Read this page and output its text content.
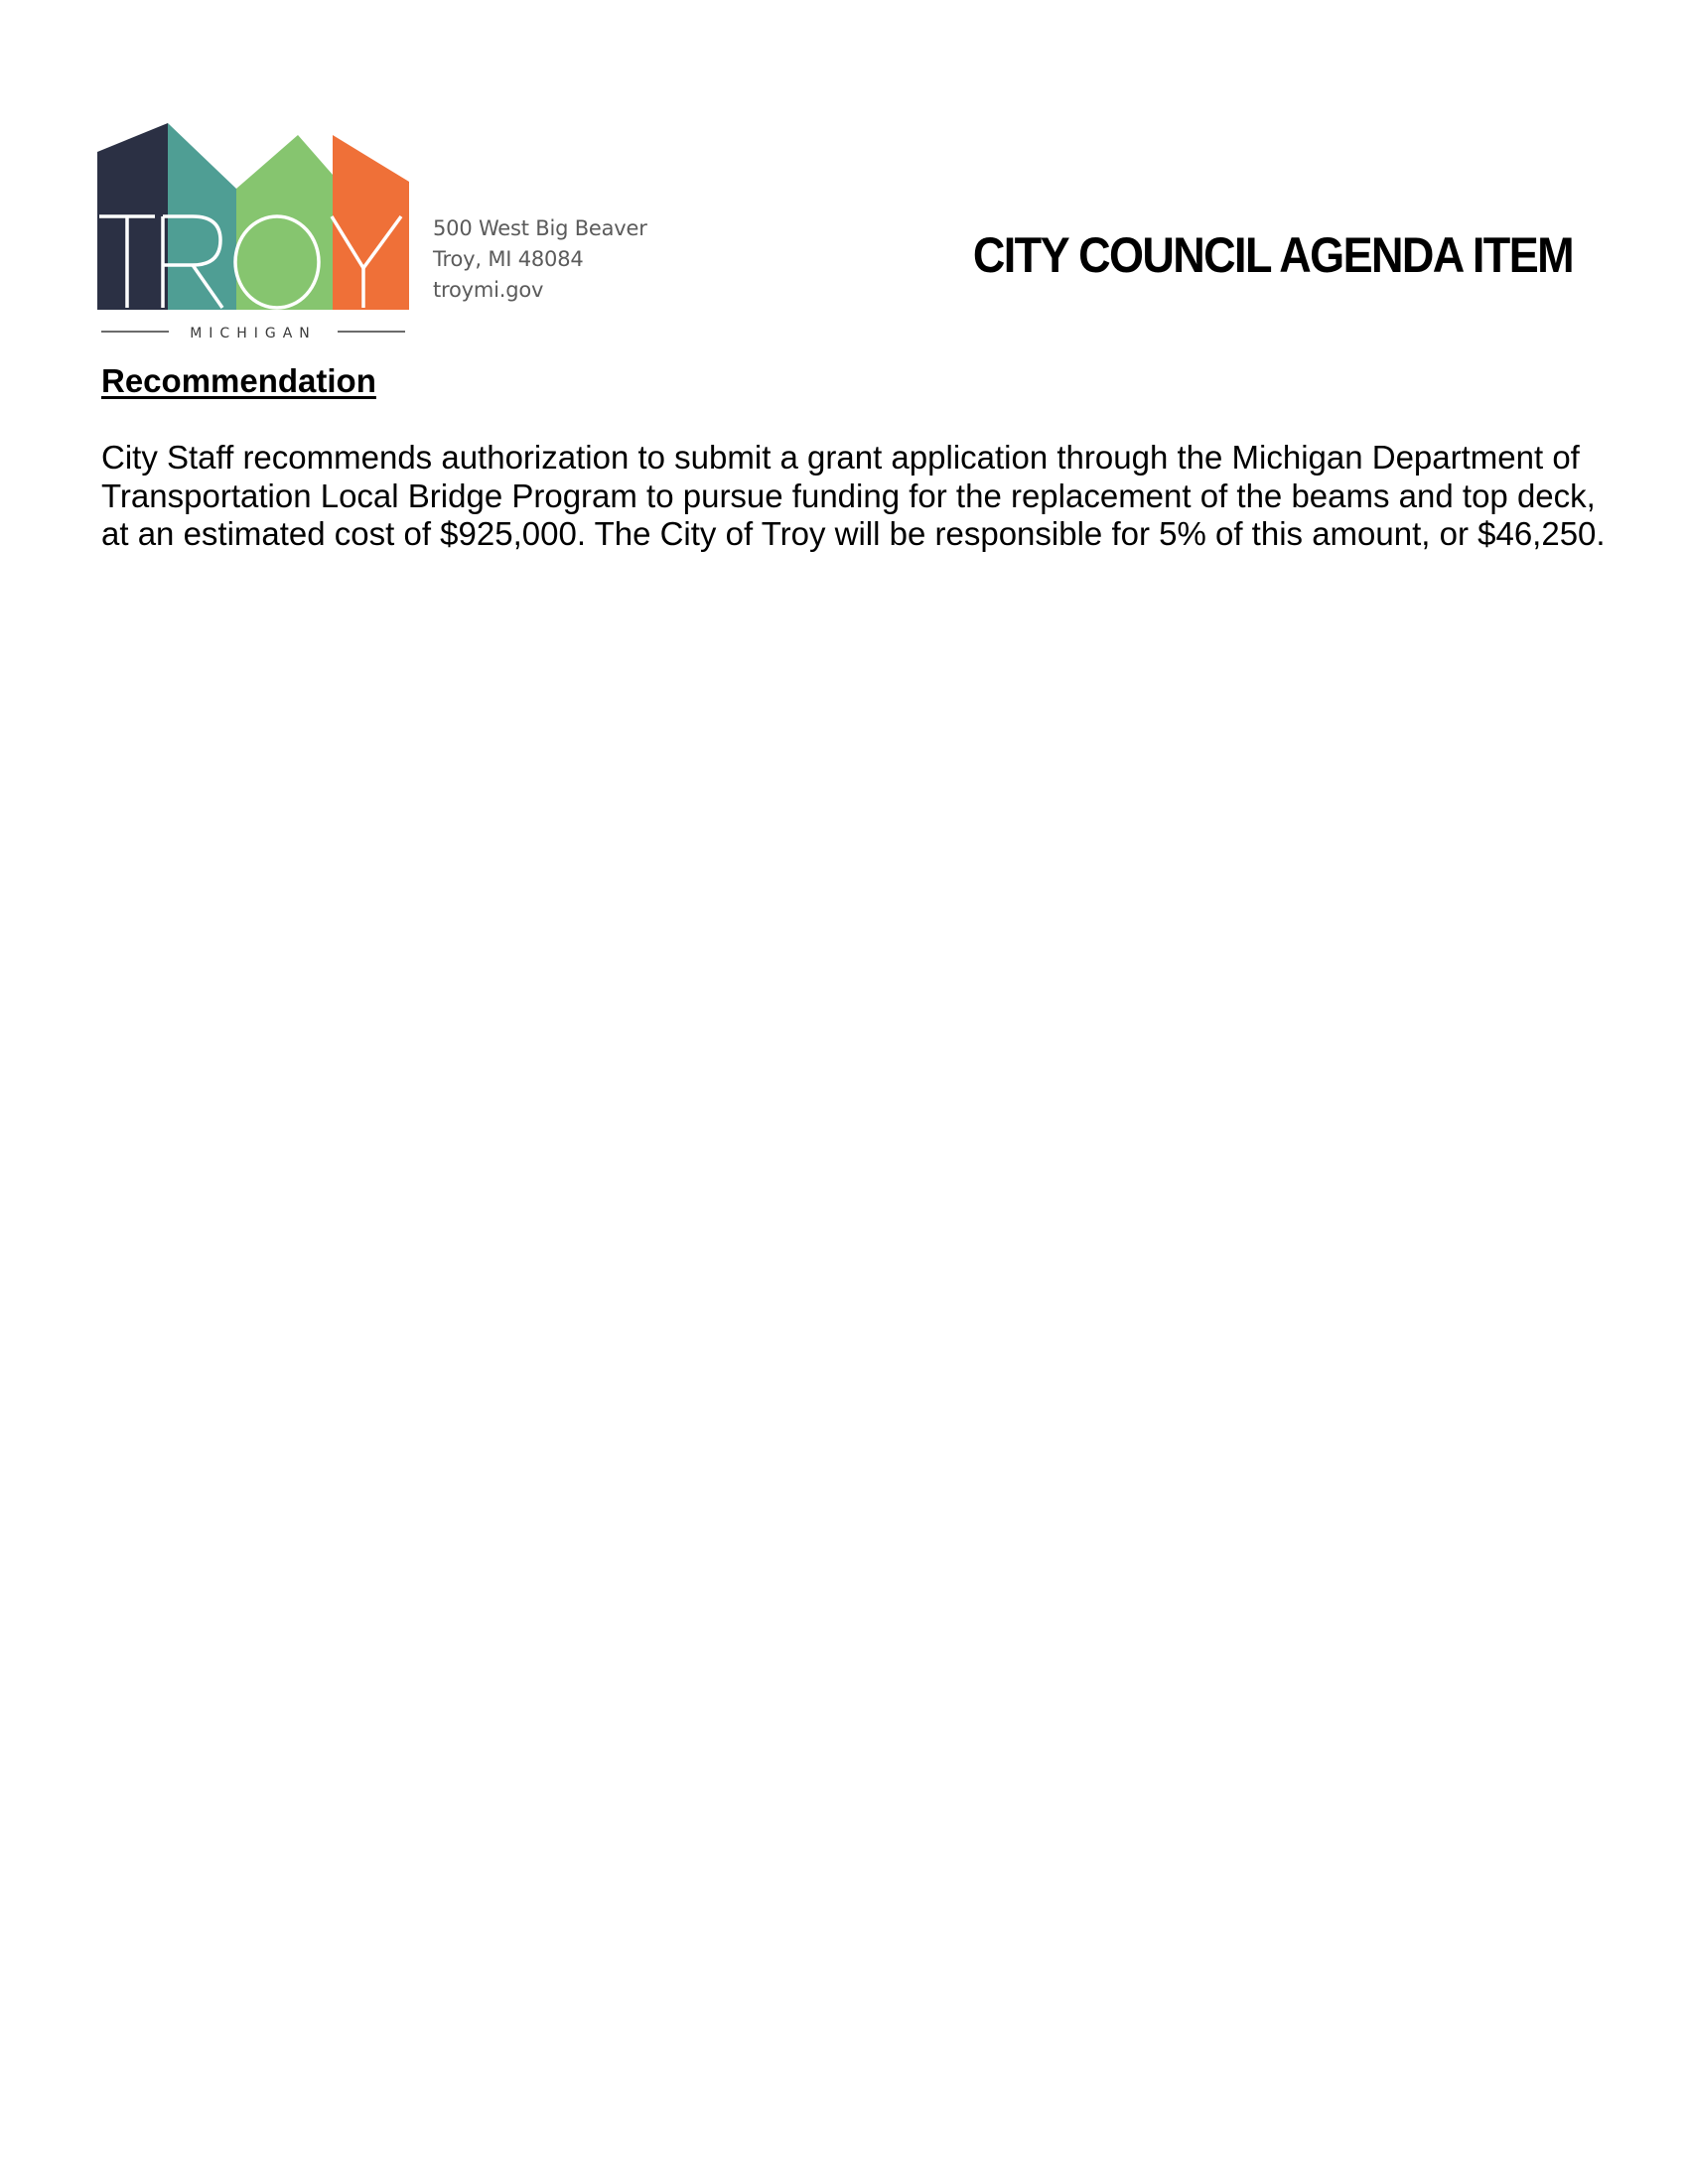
MICHIGAN
500 West Big Beaver
Troy, MI 48084
troymi.gov
CITY COUNCIL AGENDA ITEM
Recommendation

City Staff recommends authorization to submit a grant application through the Michigan Department of Transportation Local Bridge Program to pursue funding for the replacement of the beams and top deck, at an estimated cost of $925,000. The City of Troy will be responsible for 5% of this amount, or $46,250.
